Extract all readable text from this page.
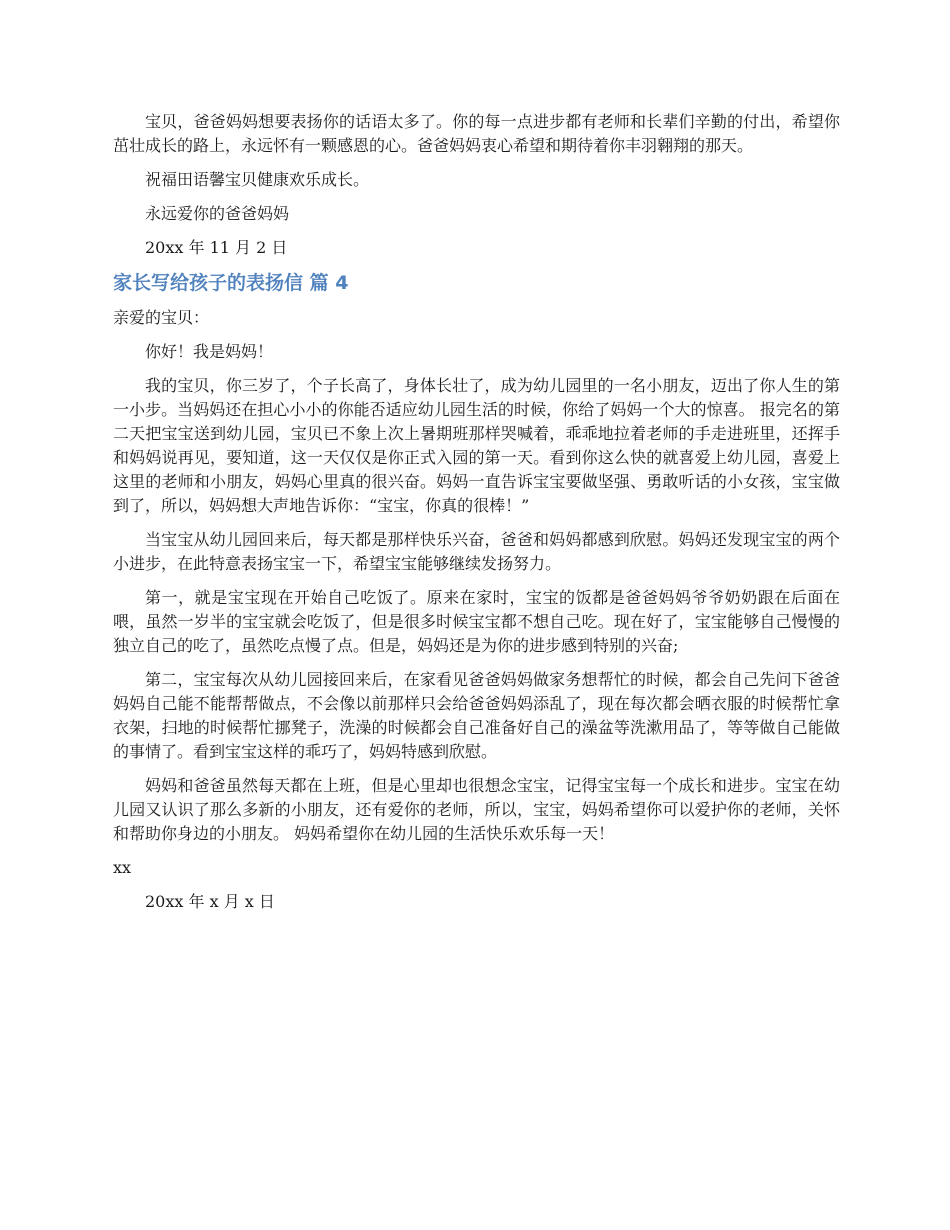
宝贝，爸爸妈妈想要表扬你的话语太多了。你的每一点进步都有老师和长辈们辛勤的付出，希望你茁壮成长的路上，永远怀有一颗感恩的心。爸爸妈妈衷心希望和期待着你丰羽翱翔的那天。

祝福田语馨宝贝健康欢乐成长。

永远爱你的爸爸妈妈

20xx 年 11 月 2 日

家长写给孩子的表扬信 篇 4

亲爱的宝贝：

你好！我是妈妈！

我的宝贝，你三岁了，个子长高了，身体长壮了，成为幼儿园里的一名小朋友，迈出了你人生的第一小步。当妈妈还在担心小小的你能否适应幼儿园生活的时候，你给了妈妈一个大的惊喜。 报完名的第二天把宝宝送到幼儿园，宝贝已不象上次上暑期班那样哭喊着，乖乖地拉着老师的手走进班里，还挥手和妈妈说再见，要知道，这一天仅仅是你正式入园的第一天。看到你这么快的就喜爱上幼儿园，喜爱上这里的老师和小朋友，妈妈心里真的很兴奋。妈妈一直告诉宝宝要做坚强、勇敢听话的小女孩，宝宝做到了，所以，妈妈想大声地告诉你：“宝宝，你真的很棒！”

当宝宝从幼儿园回来后，每天都是那样快乐兴奋，爸爸和妈妈都感到欣慰。妈妈还发现宝宝的两个小进步，在此特意表扬宝宝一下，希望宝宝能够继续发扬努力。

第一，就是宝宝现在开始自己吃饭了。原来在家时，宝宝的饭都是爸爸妈妈爷爷奶奶跟在后面在喂，虽然一岁半的宝宝就会吃饭了，但是很多时候宝宝都不想自己吃。现在好了，宝宝能够自己慢慢的独立自己的吃了，虽然吃点慢了点。但是，妈妈还是为你的进步感到特别的兴奋;

第二，宝宝每次从幼儿园接回来后，在家看见爸爸妈妈做家务想帮忙的时候，都会自己先问下爸爸妈妈自己能不能帮帮做点，不会像以前那样只会给爸爸妈妈添乱了，现在每次都会晒衣服的时候帮忙拿衣架，扫地的时候帮忙挪凳子，洗澡的时候都会自己准备好自己的澡盆等洗漱用品了，等等做自己能做的事情了。看到宝宝这样的乖巧了，妈妈特感到欣慰。

妈妈和爸爸虽然每天都在上班，但是心里却也很想念宝宝，记得宝宝每一个成长和进步。宝宝在幼儿园又认识了那么多新的小朋友，还有爱你的老师，所以，宝宝，妈妈希望你可以爱护你的老师，关怀和帮助你身边的小朋友。 妈妈希望你在幼儿园的生活快乐欢乐每一天！

xx

20xx 年 x 月 x 日
